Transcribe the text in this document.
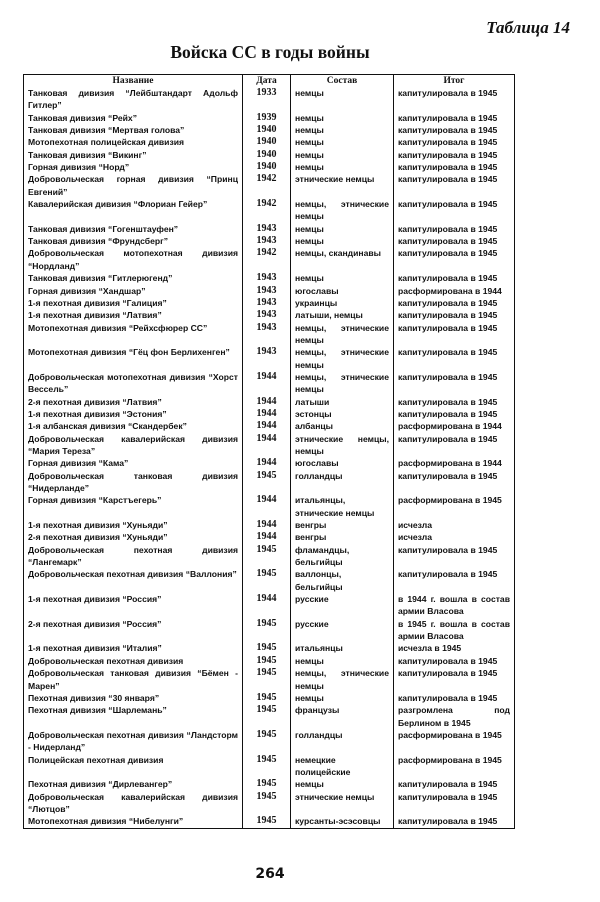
Таблица 14
Войска СС в годы войны
Название	Дата	Состав	Итог
Танковая дивизия “Лейбштандарт Адольф Гитлер”	1933	немцы	капитулировала в 1945
Танковая дивизия “Рейх”	1939	немцы	капитулировала в 1945
Танковая дивизия “Мертвая голова”	1940	немцы	капитулировала в 1945
Мотопехотная полицейская дивизия	1940	немцы	капитулировала в 1945
Танковая дивизия “Викинг”	1940	немцы	капитулировала в 1945
Горная дивизия “Норд”	1940	немцы	капитулировала в 1945
Добровольческая горная дивизия “Принц Евгений”	1942	этнические немцы	капитулировала в 1945
Кавалерийская дивизия “Флориан Гейер”	1942	немцы, этнические немцы	капитулировала в 1945
Танковая дивизия “Гогенштауфен”	1943	немцы	капитулировала в 1945
Танковая дивизия “Фрундсберг”	1943	немцы	капитулировала в 1945
Добровольческая мотопехотная дивизия “Нордланд”	1942	немцы, скандинавы	капитулировала в 1945
Танковая дивизия “Гитлерюгенд”	1943	немцы	капитулировала в 1945
Горная дивизия “Хандшар”	1943	югославы	расформирована в 1944
1-я пехотная дивизия “Галиция”	1943	украинцы	капитулировала в 1945
1-я пехотная дивизия “Латвия”	1943	латыши, немцы	капитулировала в 1945
Мотопехотная дивизия “Рейхсфюрер СС”	1943	немцы, этнические немцы	капитулировала в 1945
Мотопехотная дивизия “Гёц фон Берлихенген”	1943	немцы, этнические немцы	капитулировала в 1945
Добровольческая мотопехотная дивизия “Хорст Вессель”	1944	немцы, этнические немцы	капитулировала в 1945
2-я пехотная дивизия “Латвия”	1944	латыши	капитулировала в 1945
1-я пехотная дивизия “Эстония”	1944	эстонцы	капитулировала в 1945
1-я албанская дивизия “Скандербек”	1944	албанцы	расформирована в 1944
Добровольческая кавалерийская дивизия “Мария Тереза”	1944	этнические немцы, немцы	капитулировала в 1945
Горная дивизия “Кама”	1944	югославы	расформирована в 1944
Добровольческая танковая дивизия “Нидерланде”	1945	голландцы	капитулировала в 1945
Горная дивизия “Карстъегерь”	1944	итальянцы, этнические немцы	расформирована в 1945
1-я пехотная дивизия “Хуньяди”	1944	венгры	исчезла
2-я пехотная дивизия “Хуньяди”	1944	венгры	исчезла
Добровольческая пехотная дивизия “Лангемарк”	1945	фламандцы, бельгийцы	капитулировала в 1945
Добровольческая пехотная дивизия “Валлония”	1945	валлонцы, бельгийцы	капитулировала в 1945
1-я пехотная дивизия “Россия”	1944	русские	в 1944 г. вошла в состав армии Власова
2-я пехотная дивизия “Россия”	1945	русские	в 1945 г. вошла в состав армии Власова
1-я пехотная дивизия “Италия”	1945	итальянцы	исчезла в 1945
Добровольческая пехотная дивизия	1945	немцы	капитулировала в 1945
Добровольческая танковая дивизия “Бёмен - Марен”	1945	немцы, этнические немцы	капитулировала в 1945
Пехотная дивизия “30 января”	1945	немцы	капитулировала в 1945
Пехотная дивизия “Шарлемань”	1945	французы	разгромлена под Берлином в 1945
Добровольческая пехотная дивизия “Ландсторм - Нидерланд”	1945	голландцы	расформирована в 1945
Полицейская пехотная дивизия	1945	немецкие полицейские	расформирована в 1945
Пехотная дивизия “Дирлевангер”	1945	немцы	капитулировала в 1945
Добровольческая кавалерийская дивизия “Лютцов”	1945	этнические немцы	капитулировала в 1945
Мотопехотная дивизия “Нибелунги”	1945	курсанты-эсэсовцы	капитулировала в 1945
264
